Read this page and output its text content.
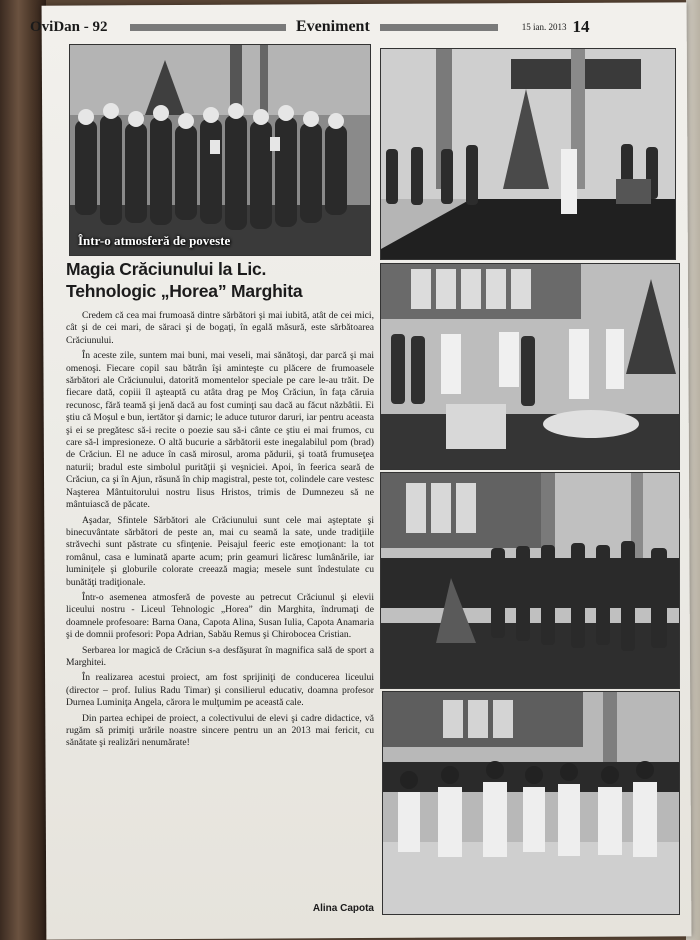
OviDan - 92	Eveniment	15 ian. 2013 14
Într-o atmosferă de poveste
Magia Crăciunului la Lic.
Tehnologic „Horea” Marghita

Credem că cea mai frumoasă dintre sărbători şi mai iubită, atât de cei mici, cât şi de cei mari, de săraci şi de bogaţi, în egală măsură, este sărbătoarea Crăciunului.

În aceste zile, suntem mai buni, mai veseli, mai sănătoşi, dar parcă şi mai omenoşi. Fiecare copil sau bătrân îşi aminteşte cu plăcere de frumoasele sărbători ale Crăciunului, datorită momentelor speciale pe care le-au trăit. De fiecare dată, copiii îl aşteaptă cu atâta drag pe Moş Crăciun, în faţa căruia recunosc, fără teamă şi jenă dacă au fost cuminţi sau dacă au făcut năzbâtii. Ei ştiu că Moşul e bun, iertător şi darnic; le aduce tuturor daruri, iar pentru aceasta şi ei se pregătesc să-i recite o poezie sau să-i cânte ce ştiu ei mai frumos, cu care să-l impresioneze. O altă bucurie a sărbătorii este inegalabilul pom (brad) de Crăciun. El ne aduce în casă mirosul, aroma pădurii, şi toată frumuseţea naturii; bradul este simbolul purităţii şi veşniciei. Apoi, în feerica seară de Crăciun, ca şi în Ajun, răsună în chip magistral, peste tot, colindele care vestesc Naşterea Mântuitorului nostru Iisus Hristos, trimis de Dumnezeu să ne mântuiască de păcate.

Aşadar, Sfintele Sărbători ale Crăciunului sunt cele mai aşteptate şi binecuvântate sărbători de peste an, mai cu seamă la sate, unde tradiţiile străvechi sunt păstrate cu sfinţenie. Peisajul feeric este emoţionant: la tot românul, casa e luminată aparte acum; prin geamuri licăresc lumânările, iar luminiţele şi globurile colorate creează magia; mesele sunt îndestulate cu bunătăţi tradiţionale.

Într-o asemenea atmosferă de poveste au petrecut Crăciunul şi elevii liceului nostru - Liceul Tehnologic „Horea” din Marghita, îndrumaţi de doamnele profesoare: Barna Oana, Capota Alina, Susan Iulia, Capota Anamaria şi de domnii profesori: Popa Adrian, Sabău Remus şi Chirobocea Cristian.

Serbarea lor magică de Crăciun s-a desfăşurat în magnifica sală de sport a Marghitei.

În realizarea acestui proiect, am fost sprijiniţi de conducerea liceului (director – prof. Iulius Radu Timar) şi consilierul educativ, doamna profesor Durnea Luminiţa Angela, cărora le mulţumim pe această cale.

Din partea echipei de proiect, a colectivului de elevi şi cadre didactice, vă rugăm să primiţi urările noastre sincere pentru un an 2013 mai fericit, cu sănătate şi realizări nenumărate!

Alina Capota
